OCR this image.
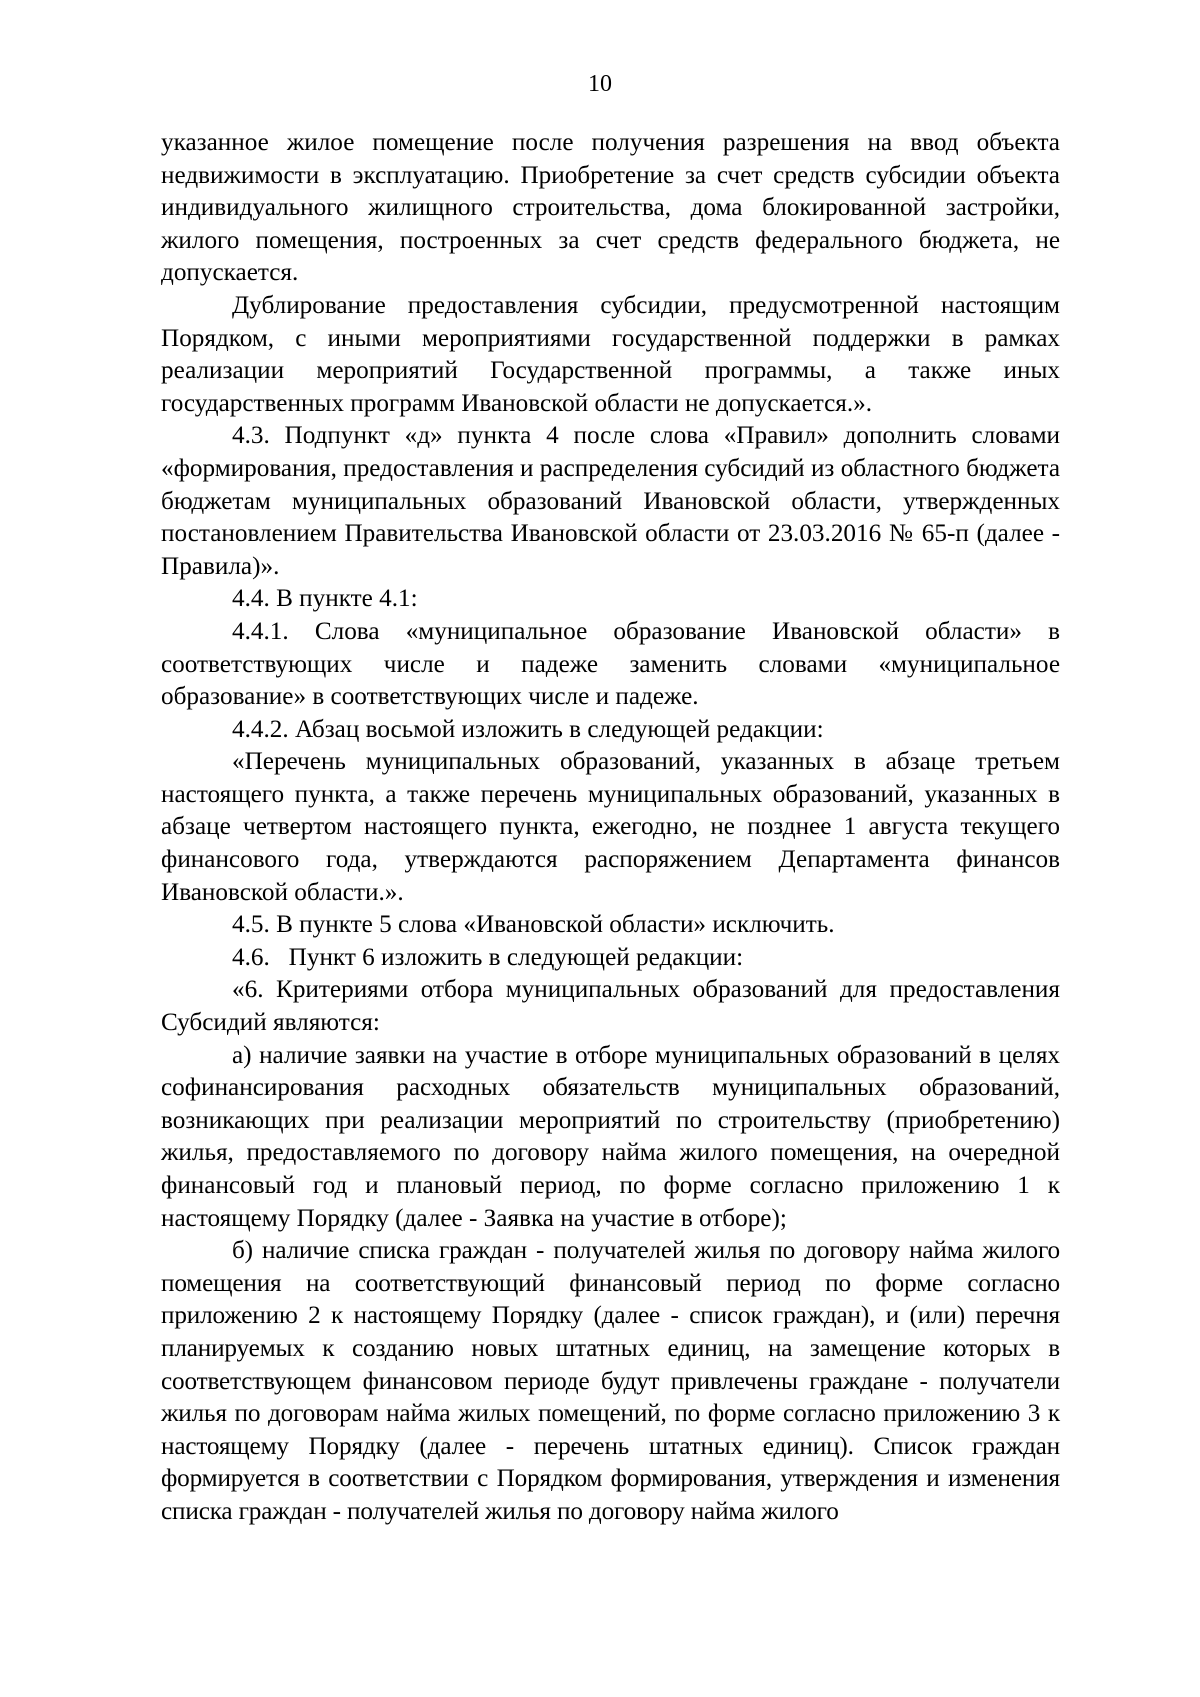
10

указанное жилое помещение после получения разрешения на ввод объекта недвижимости в эксплуатацию. Приобретение за счет средств субсидии объекта индивидуального жилищного строительства, дома блокированной застройки, жилого помещения, построенных за счет средств федерального бюджета, не допускается.

Дублирование предоставления субсидии, предусмотренной настоящим Порядком, с иными мероприятиями государственной поддержки в рамках реализации мероприятий Государственной программы, а также иных государственных программ Ивановской области не допускается.».

4.3. Подпункт «д» пункта 4 после слова «Правил» дополнить словами «формирования, предоставления и распределения субсидий из областного бюджета бюджетам муниципальных образований Ивановской области, утвержденных постановлением Правительства Ивановской области от 23.03.2016 № 65-п (далее - Правила)».

4.4. В пункте 4.1:

4.4.1. Слова «муниципальное образование Ивановской области» в соответствующих числе и падеже заменить словами «муниципальное образование» в соответствующих числе и падеже.

4.4.2. Абзац восьмой изложить в следующей редакции:

«Перечень муниципальных образований, указанных в абзаце третьем настоящего пункта, а также перечень муниципальных образований, указанных в абзаце четвертом настоящего пункта, ежегодно, не позднее 1 августа текущего финансового года, утверждаются распоряжением Департамента финансов Ивановской области.».

4.5. В пункте 5 слова «Ивановской области» исключить.

4.6.   Пункт 6 изложить в следующей редакции:

«6. Критериями отбора муниципальных образований для предоставления Субсидий являются:

а) наличие заявки на участие в отборе муниципальных образований в целях софинансирования расходных обязательств муниципальных образований, возникающих при реализации мероприятий по строительству (приобретению) жилья, предоставляемого по договору найма жилого помещения, на очередной финансовый год и плановый период, по форме согласно приложению 1 к настоящему Порядку (далее - Заявка на участие в отборе);

б) наличие списка граждан - получателей жилья по договору найма жилого помещения на соответствующий финансовый период по форме согласно приложению 2 к настоящему Порядку (далее - список граждан), и (или) перечня планируемых к созданию новых штатных единиц, на замещение которых в соответствующем финансовом периоде будут привлечены граждане - получатели жилья по договорам найма жилых помещений, по форме согласно приложению 3 к настоящему Порядку (далее - перечень штатных единиц). Список граждан формируется в соответствии с Порядком формирования, утверждения и изменения списка граждан - получателей жилья по договору найма жилого
